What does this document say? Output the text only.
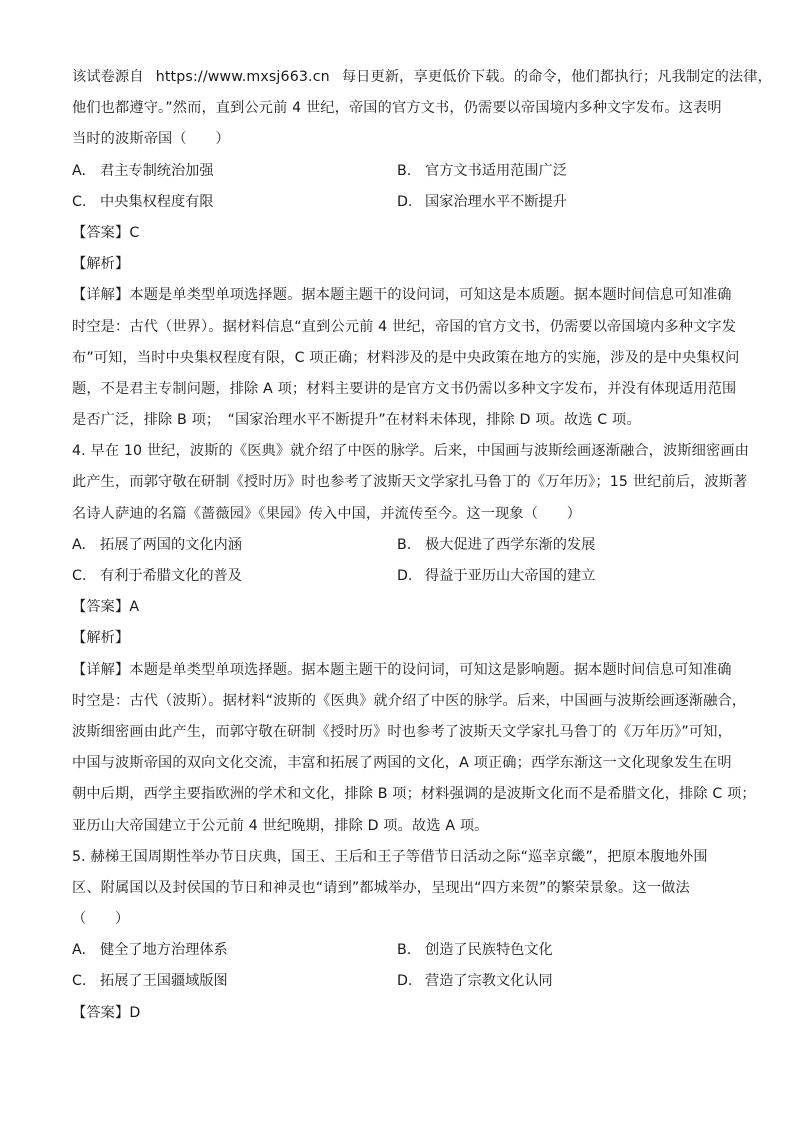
该试卷源自 https://www.mxsj663.cn 每日更新，享更低价下载。的命令，他们都执行；凡我制定的法律，
他们也都遵守。”然而，直到公元前 4 世纪，帝国的官方文书，仍需要以帝国境内多种文字发布。这表明
当时的波斯帝国（　　）
A. 君主专制统治加强	B. 官方文书适用范围广泛
C. 中央集权程度有限	D. 国家治理水平不断提升
【答案】C
【解析】
【详解】本题是单类型单项选择题。据本题主题干的设问词，可知这是本质题。据本题时间信息可知准确
时空是：古代（世界）。据材料信息“直到公元前 4 世纪，帝国的官方文书，仍需要以帝国境内多种文字发
布”可知，当时中央集权程度有限，C 项正确；材料涉及的是中央政策在地方的实施，涉及的是中央集权问
题，不是君主专制问题，排除 A 项；材料主要讲的是官方文书仍需以多种文字发布，并没有体现适用范围
是否广泛，排除 B 项；　“国家治理水平不断提升”在材料未体现，排除 D 项。故选 C 项。
4. 早在 10 世纪，波斯的《医典》就介绍了中医的脉学。后来，中国画与波斯绘画逐渐融合，波斯细密画由
此产生，而郭守敬在研制《授时历》时也参考了波斯天文学家扎马鲁丁的《万年历》；15 世纪前后，波斯著
名诗人萨迪的名篇《蔷薇园》《果园》传入中国，并流传至今。这一现象（　　）
A. 拓展了两国的文化内涵	B. 极大促进了西学东渐的发展
C. 有利于希腊文化的普及	D. 得益于亚历山大帝国的建立
【答案】A
【解析】
【详解】本题是单类型单项选择题。据本题主题干的设问词，可知这是影响题。据本题时间信息可知准确
时空是：古代（波斯）。据材料“波斯的《医典》就介绍了中医的脉学。后来，中国画与波斯绘画逐渐融合，
波斯细密画由此产生，而郭守敬在研制《授时历》时也参考了波斯天文学家扎马鲁丁的《万年历》”可知，
中国与波斯帝国的双向文化交流，丰富和拓展了两国的文化，A 项正确；西学东渐这一文化现象发生在明
朝中后期，西学主要指欧洲的学术和文化，排除 B 项；材料强调的是波斯文化而不是希腊文化，排除 C 项；
亚历山大帝国建立于公元前 4 世纪晚期，排除 D 项。故选 A 项。
5. 赫梯王国周期性举办节日庆典，国王、王后和王子等借节日活动之际“巡幸京畿”，把原本腹地外围
区、附属国以及封侯国的节日和神灵也“请到”都城举办，呈现出“四方来贺”的繁荣景象。这一做法
（　　）
A. 健全了地方治理体系	B. 创造了民族特色文化
C. 拓展了王国疆域版图	D. 营造了宗教文化认同
【答案】D
